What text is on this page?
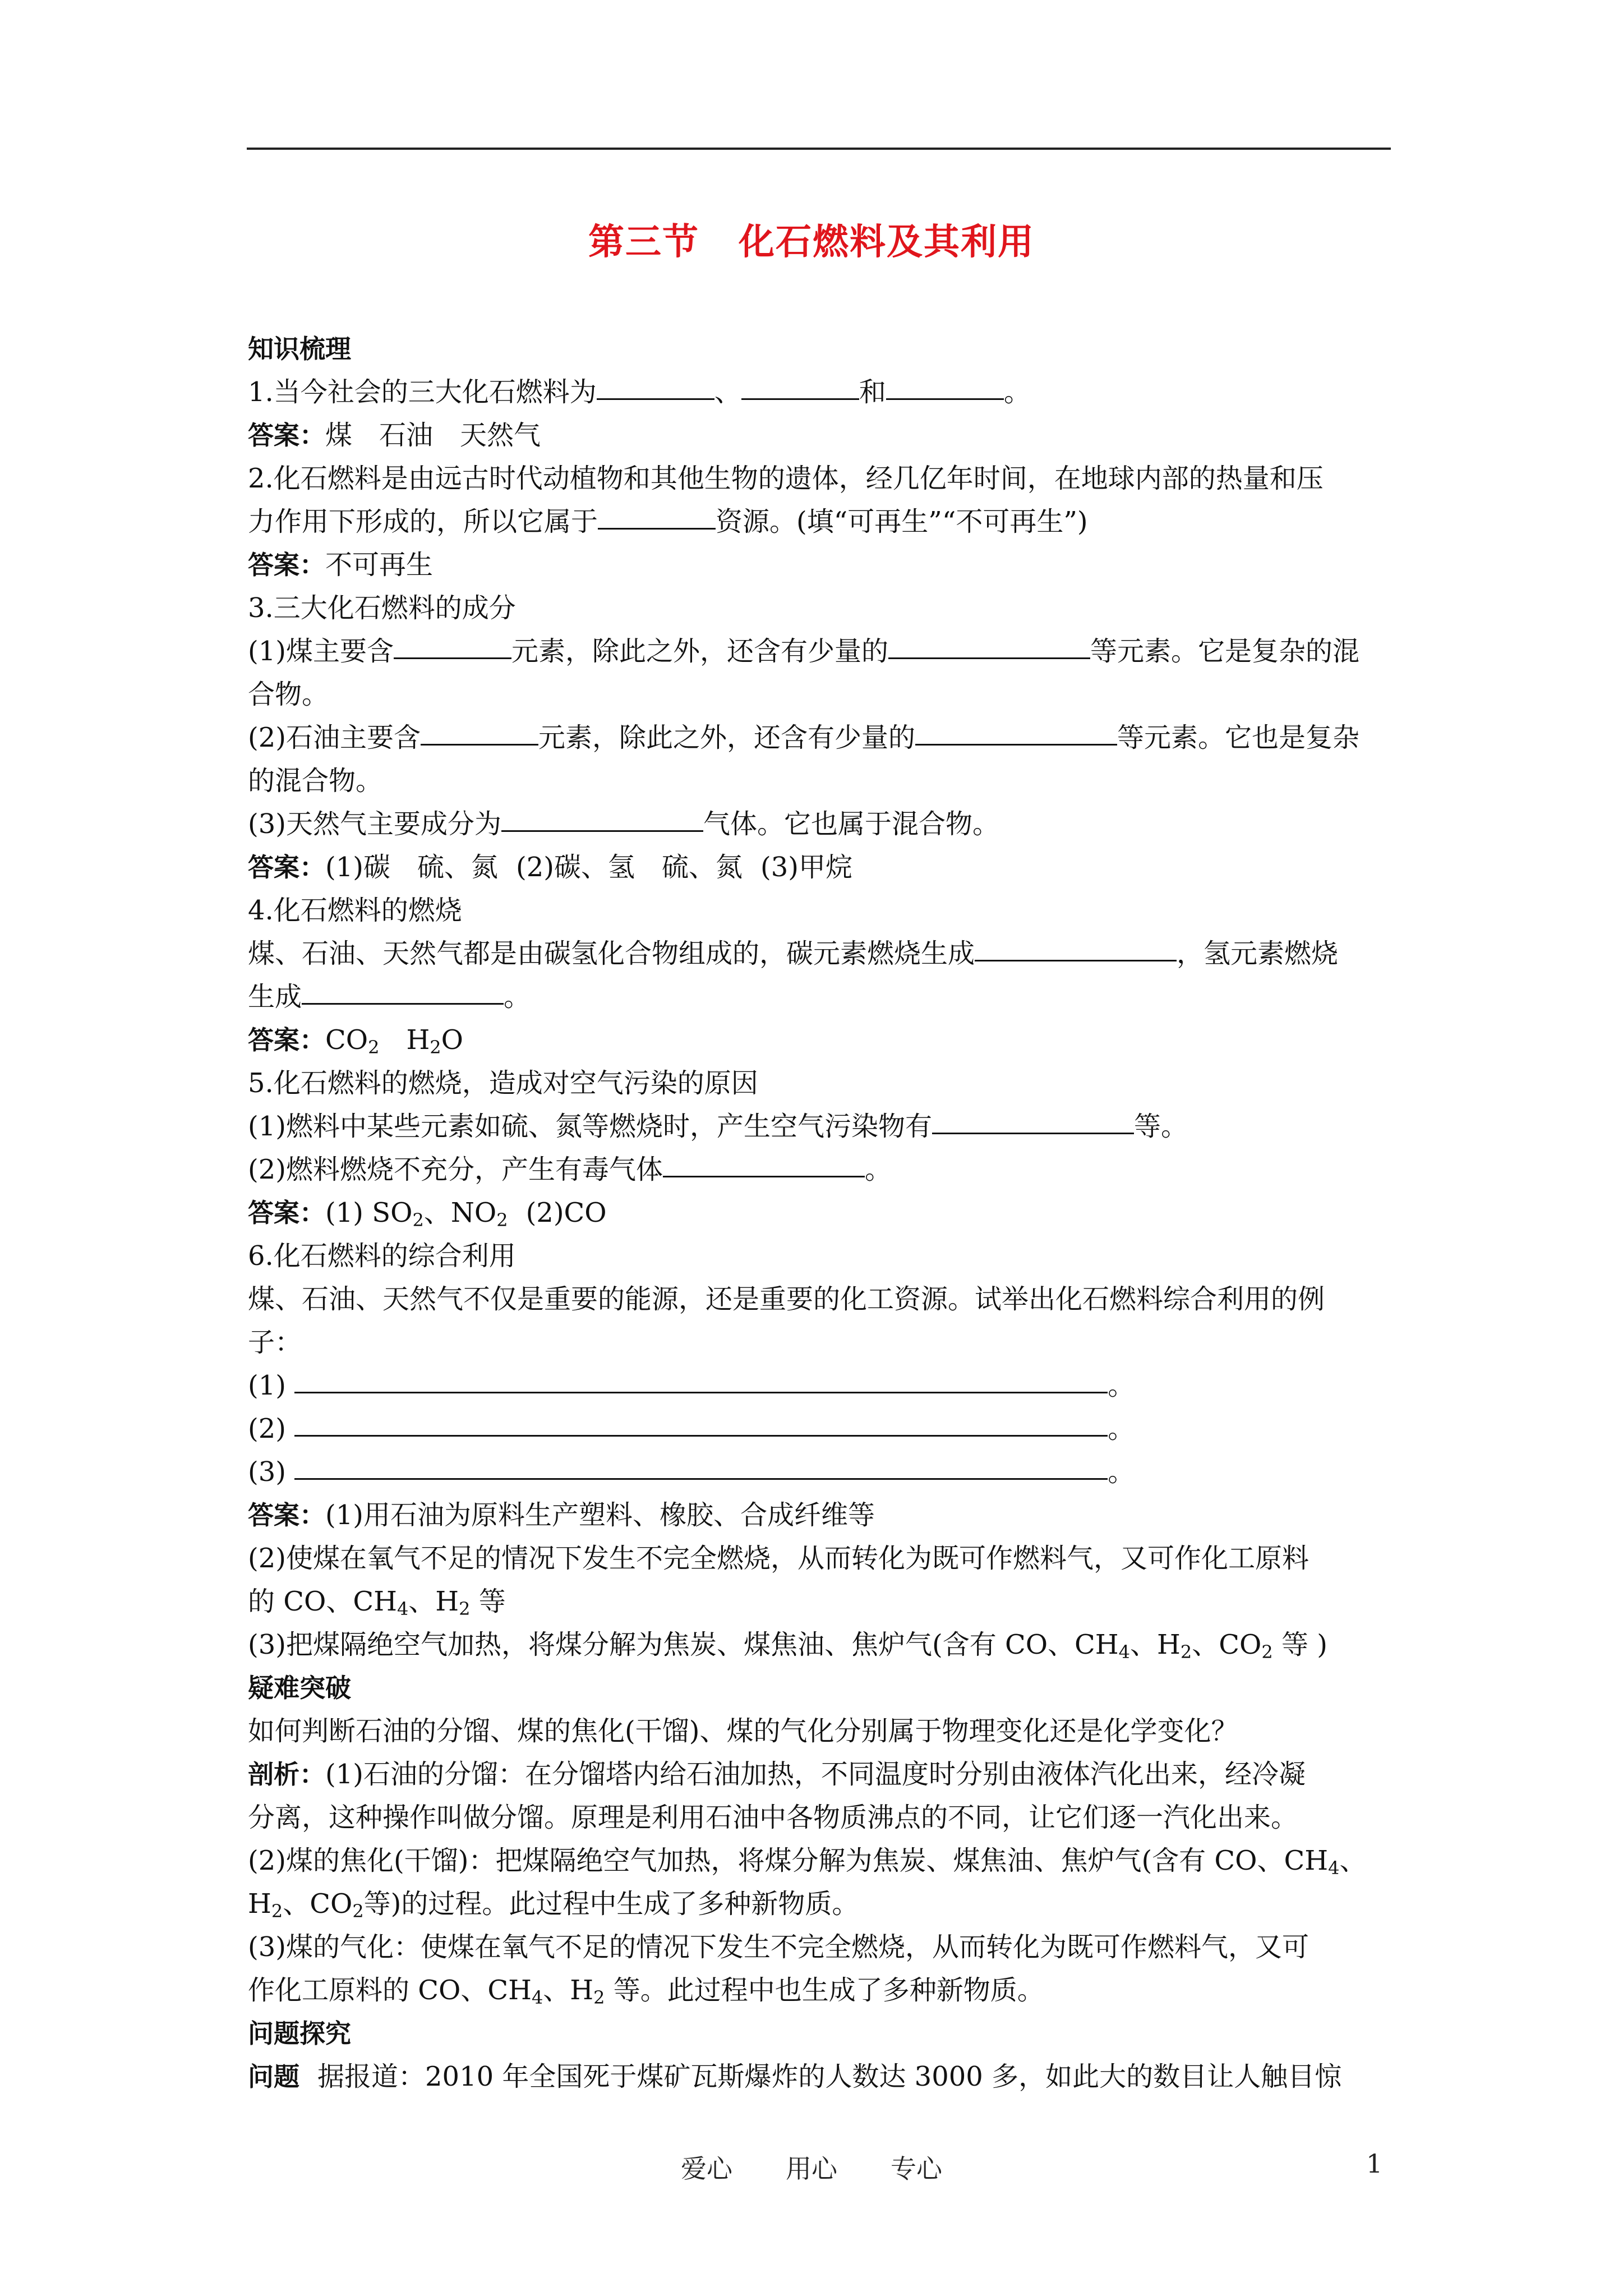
第三节 化石燃料及其利用
知识梳理
1.当今社会的三大化石燃料为	、	和	。
答案：煤 石油 天然气
2.化石燃料是由远古时代动植物和其他生物的遗体，经几亿年时间，在地球内部的热量和压
力作用下形成的，所以它属于	资源。(填“可再生”“不可再生”)
答案：不可再生
3.三大化石燃料的成分
(1)煤主要含	元素，除此之外，还含有少量的	等元素。它是复杂的混
合物。
(2)石油主要含	元素，除此之外，还含有少量的	等元素。它也是复杂
的混合物。
(3)天然气主要成分为	气体。它也属于混合物。
答案：(1)碳 硫、氮 (2)碳、氢 硫、氮 (3)甲烷
4.化石燃料的燃烧
煤、石油、天然气都是由碳氢化合物组成的，碳元素燃烧生成	，氢元素燃烧
生成	。
答案：$CO_2$ $H_2O$
5.化石燃料的燃烧，造成对空气污染的原因
(1)燃料中某些元素如硫、氮等燃烧时，产生空气污染物有	等。
(2)燃料燃烧不充分，产生有毒气体	。
答案：(1) $SO_2$、$NO_2$ (2)CO
6.化石燃料的综合利用
煤、石油、天然气不仅是重要的能源，还是重要的化工资源。试举出化石燃料综合利用的例
子：
(1)	。
(2)	。
(3)	。
答案：(1)用石油为原料生产塑料、橡胶、合成纤维等
(2)使煤在氧气不足的情况下发生不完全燃烧，从而转化为既可作燃料气，又可作化工原料
的 CO、$CH_4$、$H_2$ 等
(3)把煤隔绝空气加热，将煤分解为焦炭、煤焦油、焦炉气(含有 CO、$CH_4$、$H_2$、$CO_2$ 等 )
疑难突破
如何判断石油的分馏、煤的焦化(干馏)、煤的气化分别属于物理变化还是化学变化？
剖析：(1)石油的分馏：在分馏塔内给石油加热，不同温度时分别由液体汽化出来，经冷凝
分离，这种操作叫做分馏。原理是利用石油中各物质沸点的不同，让它们逐一汽化出来。
(2)煤的焦化(干馏)：把煤隔绝空气加热，将煤分解为焦炭、煤焦油、焦炉气(含有 CO、$CH_4$、
$H_2$、$CO_2$等)的过程。此过程中生成了多种新物质。
(3)煤的气化：使煤在氧气不足的情况下发生不完全燃烧，从而转化为既可作燃料气，又可
作化工原料的 CO、$CH_4$、$H_2$ 等。此过程中也生成了多种新物质。
问题探究
问题 据报道：2010 年全国死于煤矿瓦斯爆炸的人数达 3000 多，如此大的数目让人触目惊
爱心 用心 专心	1
